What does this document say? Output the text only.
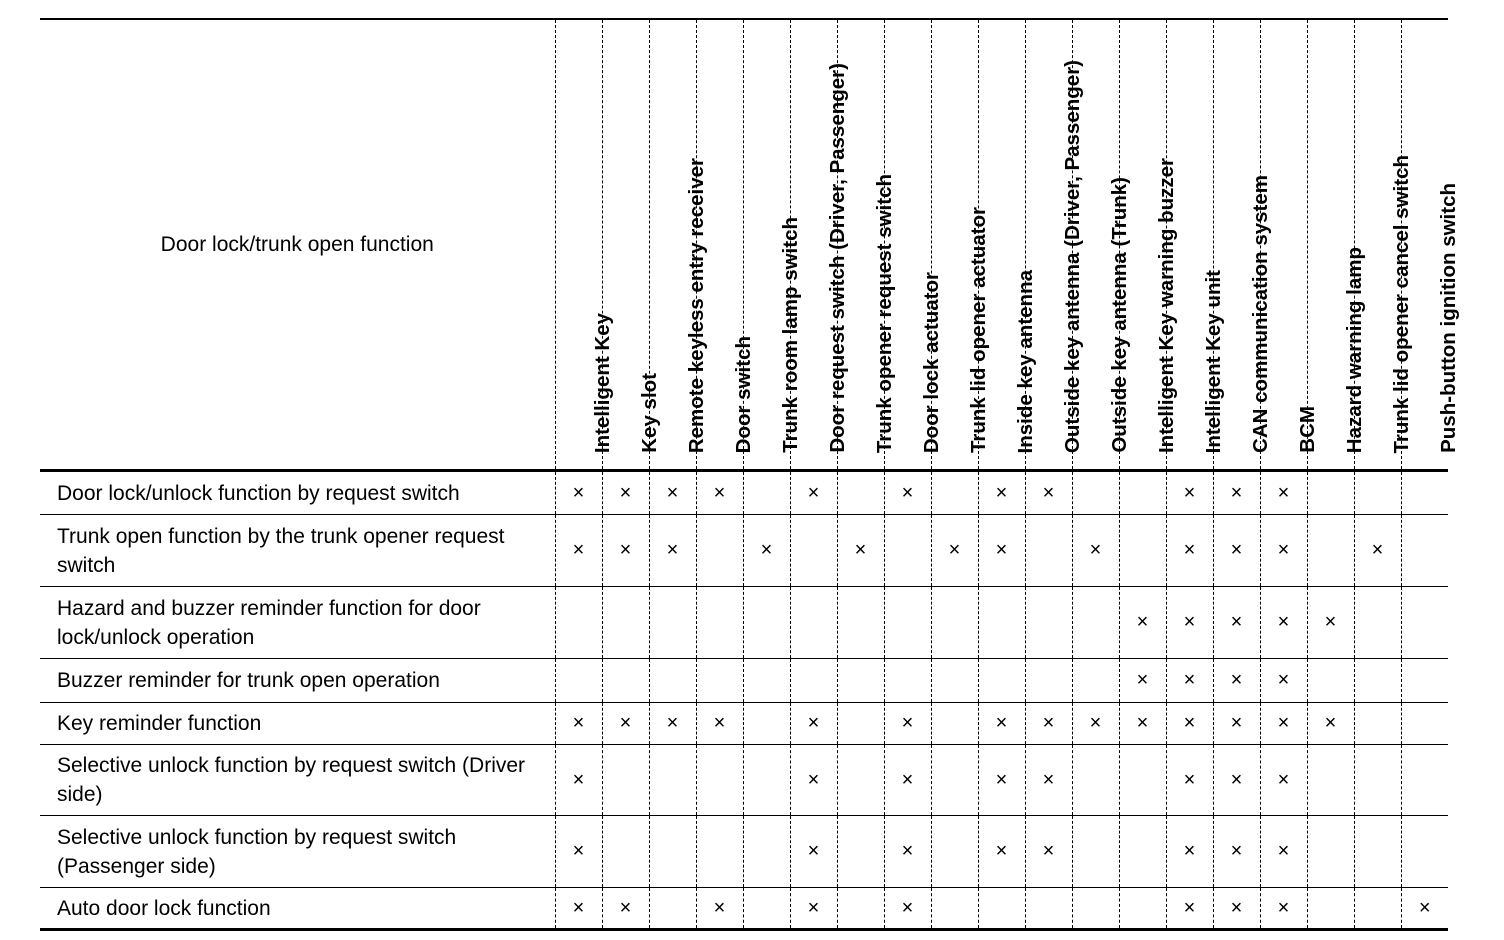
Door lock/trunk open function	Intelligent Key	Key slot	Remote keyless entry receiver	Door switch	Trunk room lamp switch	Door request switch (Driver, Passenger)	Trunk opener request switch	Door lock actuator	Trunk lid opener actuator	Inside key antenna	Outside key antenna (Driver, Passenger)	Outside key antenna (Trunk)	Intelligent Key warning buzzer	Intelligent Key unit	CAN communication system	BCM	Hazard warning lamp	Trunk lid opener cancel switch	Push-button ignition switch

Door lock/unlock function by request switch	×	×	×	×		×		×		×	×			×	×	×			
Trunk open function by the trunk opener request switch	×	×	×		×		×		×	×		×		×	×	×		×	
Hazard and buzzer reminder function for door lock/unlock operation													×	×	×	×	×		
Buzzer reminder for trunk open operation													×	×	×	×			
Key reminder function	×	×	×	×		×		×		×	×	×	×	×	×	×	×		
Selective unlock function by request switch (Driver side)	×					×		×		×	×			×	×	×			
Selective unlock function by request switch (Passenger side)	×					×		×		×	×			×	×	×			
Auto door lock function	×	×		×		×		×						×	×	×			×
